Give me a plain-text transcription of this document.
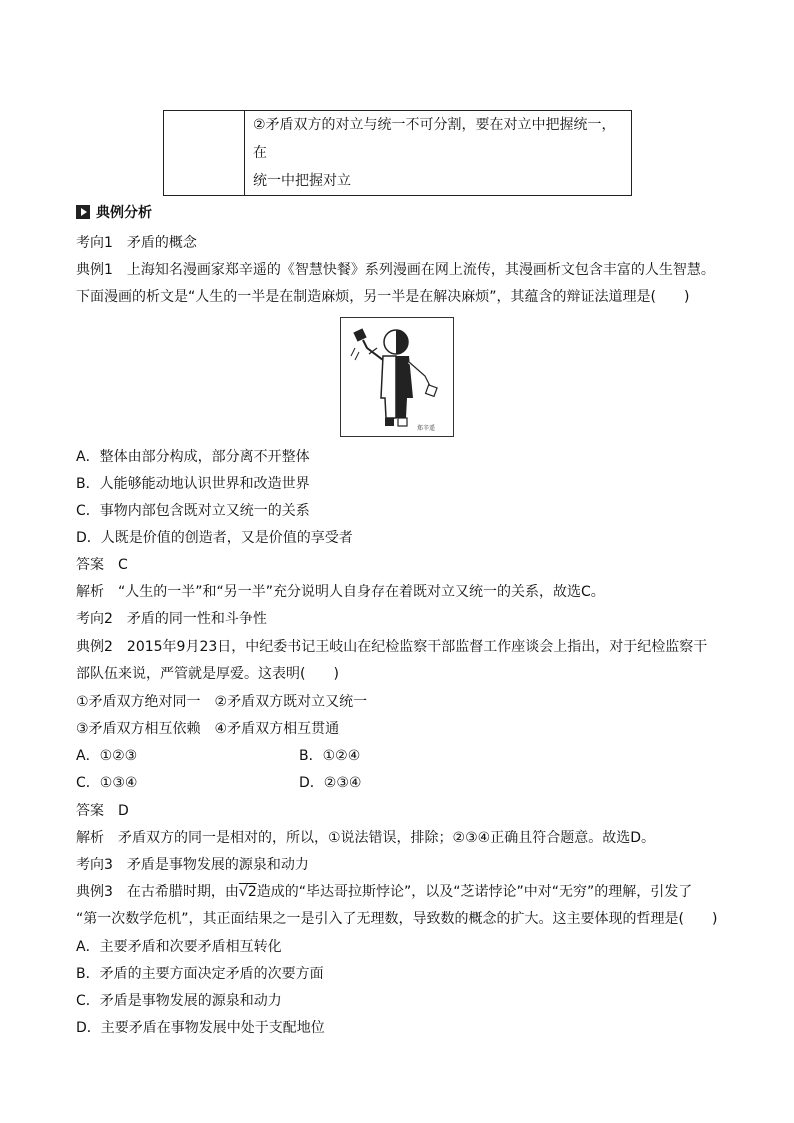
②矛盾双方的对立与统一不可分割，要在对立中把握统一，在
统一中把握对立
典例分析
考向1　矛盾的概念
典例1　上海知名漫画家郑辛遥的《智慧快餐》系列漫画在网上流传，其漫画析文包含丰富的人生智慧。
下面漫画的析文是“人生的一半是在制造麻烦，另一半是在解决麻烦”，其蕴含的辩证法道理是(　　)
郑辛遥
A．整体由部分构成，部分离不开整体
B．人能够能动地认识世界和改造世界
C．事物内部包含既对立又统一的关系
D．人既是价值的创造者，又是价值的享受者
答案　C
解析　“人生的一半”和“另一半”充分说明人自身存在着既对立又统一的关系，故选C。
考向2　矛盾的同一性和斗争性
典例2　2015年9月23日，中纪委书记王岐山在纪检监察干部监督工作座谈会上指出，对于纪检监察干
部队伍来说，严管就是厚爱。这表明(　　)
①矛盾双方绝对同一　②矛盾双方既对立又统一
③矛盾双方相互依赖　④矛盾双方相互贯通
A．①②③	B．①②④
C．①③④	D．②③④
答案　D
解析　矛盾双方的同一是相对的，所以，①说法错误，排除；②③④正确且符合题意。故选D。
考向3　矛盾是事物发展的源泉和动力
典例3　在古希腊时期，由√2造成的“毕达哥拉斯悖论”，以及“芝诺悖论”中对“无穷”的理解，引发了
“第一次数学危机”，其正面结果之一是引入了无理数，导致数的概念的扩大。这主要体现的哲理是(　　)
A．主要矛盾和次要矛盾相互转化
B．矛盾的主要方面决定矛盾的次要方面
C．矛盾是事物发展的源泉和动力
D．主要矛盾在事物发展中处于支配地位
